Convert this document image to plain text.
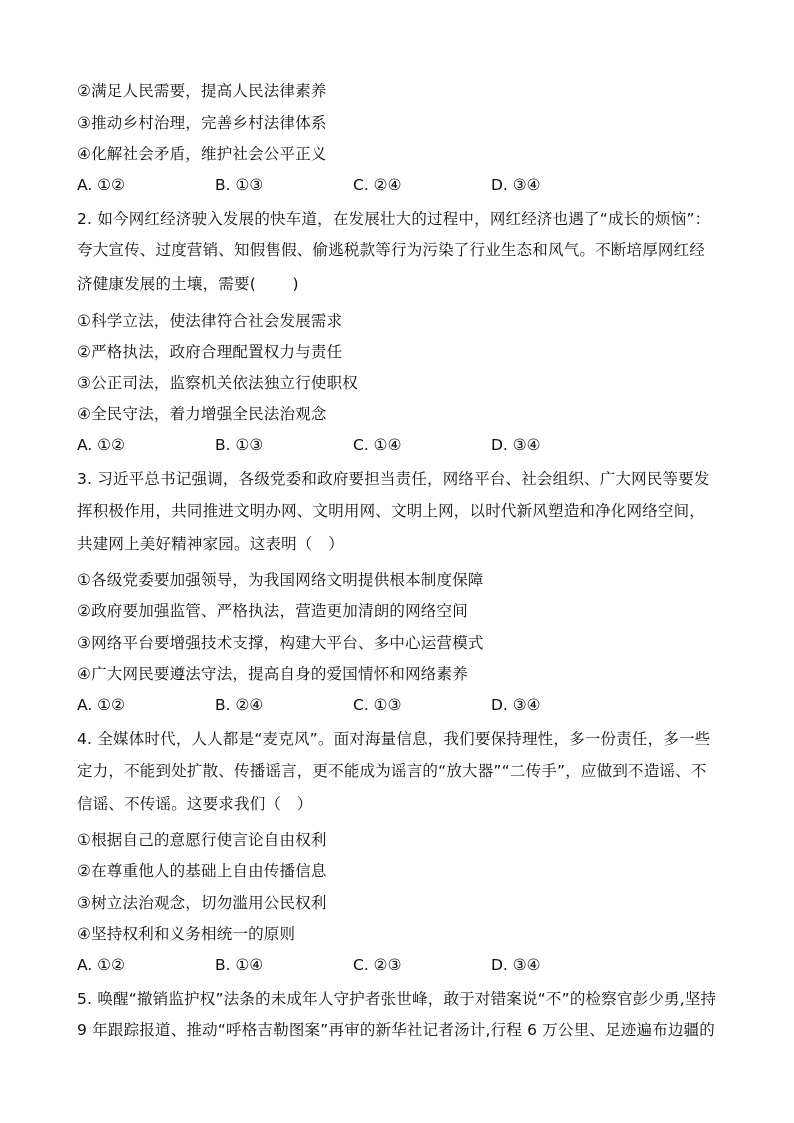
②满足人民需要，提高人民法律素养
③推动乡村治理，完善乡村法律体系
④化解社会矛盾，维护社会公平正义
A. ①②	B. ①③	C. ②④	D. ③④
2. 如今网红经济驶入发展的快车道，在发展壮大的过程中，网红经济也遇了“成长的烦恼”：
夸大宣传、过度营销、知假售假、偷逃税款等行为污染了行业生态和风气。不断培厚网红经
济健康发展的土壤，需要(　　 )
①科学立法，使法律符合社会发展需求
②严格执法，政府合理配置权力与责任
③公正司法，监察机关依法独立行使职权
④全民守法，着力增强全民法治观念
A. ①②	B. ①③	C. ①④	D. ③④
3. 习近平总书记强调，各级党委和政府要担当责任，网络平台、社会组织、广大网民等要发
挥积极作用，共同推进文明办网、文明用网、文明上网，以时代新风塑造和净化网络空间，
共建网上美好精神家园。这表明（　）
①各级党委要加强领导，为我国网络文明提供根本制度保障
②政府要加强监管、严格执法，营造更加清朗的网络空间
③网络平台要增强技术支撑，构建大平台、多中心运营模式
④广大网民要遵法守法，提高自身的爱国情怀和网络素养
A. ①②	B. ②④	C. ①③	D. ③④
4. 全媒体时代，人人都是“麦克风”。面对海量信息，我们要保持理性，多一份责任，多一些
定力，不能到处扩散、传播谣言，更不能成为谣言的“放大器”“二传手”，应做到不造谣、不
信谣、不传谣。这要求我们（　）
①根据自己的意愿行使言论自由权利
②在尊重他人的基础上自由传播信息
③树立法治观念，切勿滥用公民权利
④坚持权利和义务相统一的原则
A. ①②	B. ①④	C. ②③	D. ③④
5. 唤醒“撤销监护权”法条的未成年人守护者张世峰，敢于对错案说“不”的检察官彭少勇,坚持
9 年跟踪报道、推动“呼格吉勒图案”再审的新华社记者汤计,行程 6 万公里、足迹遍布边疆的
